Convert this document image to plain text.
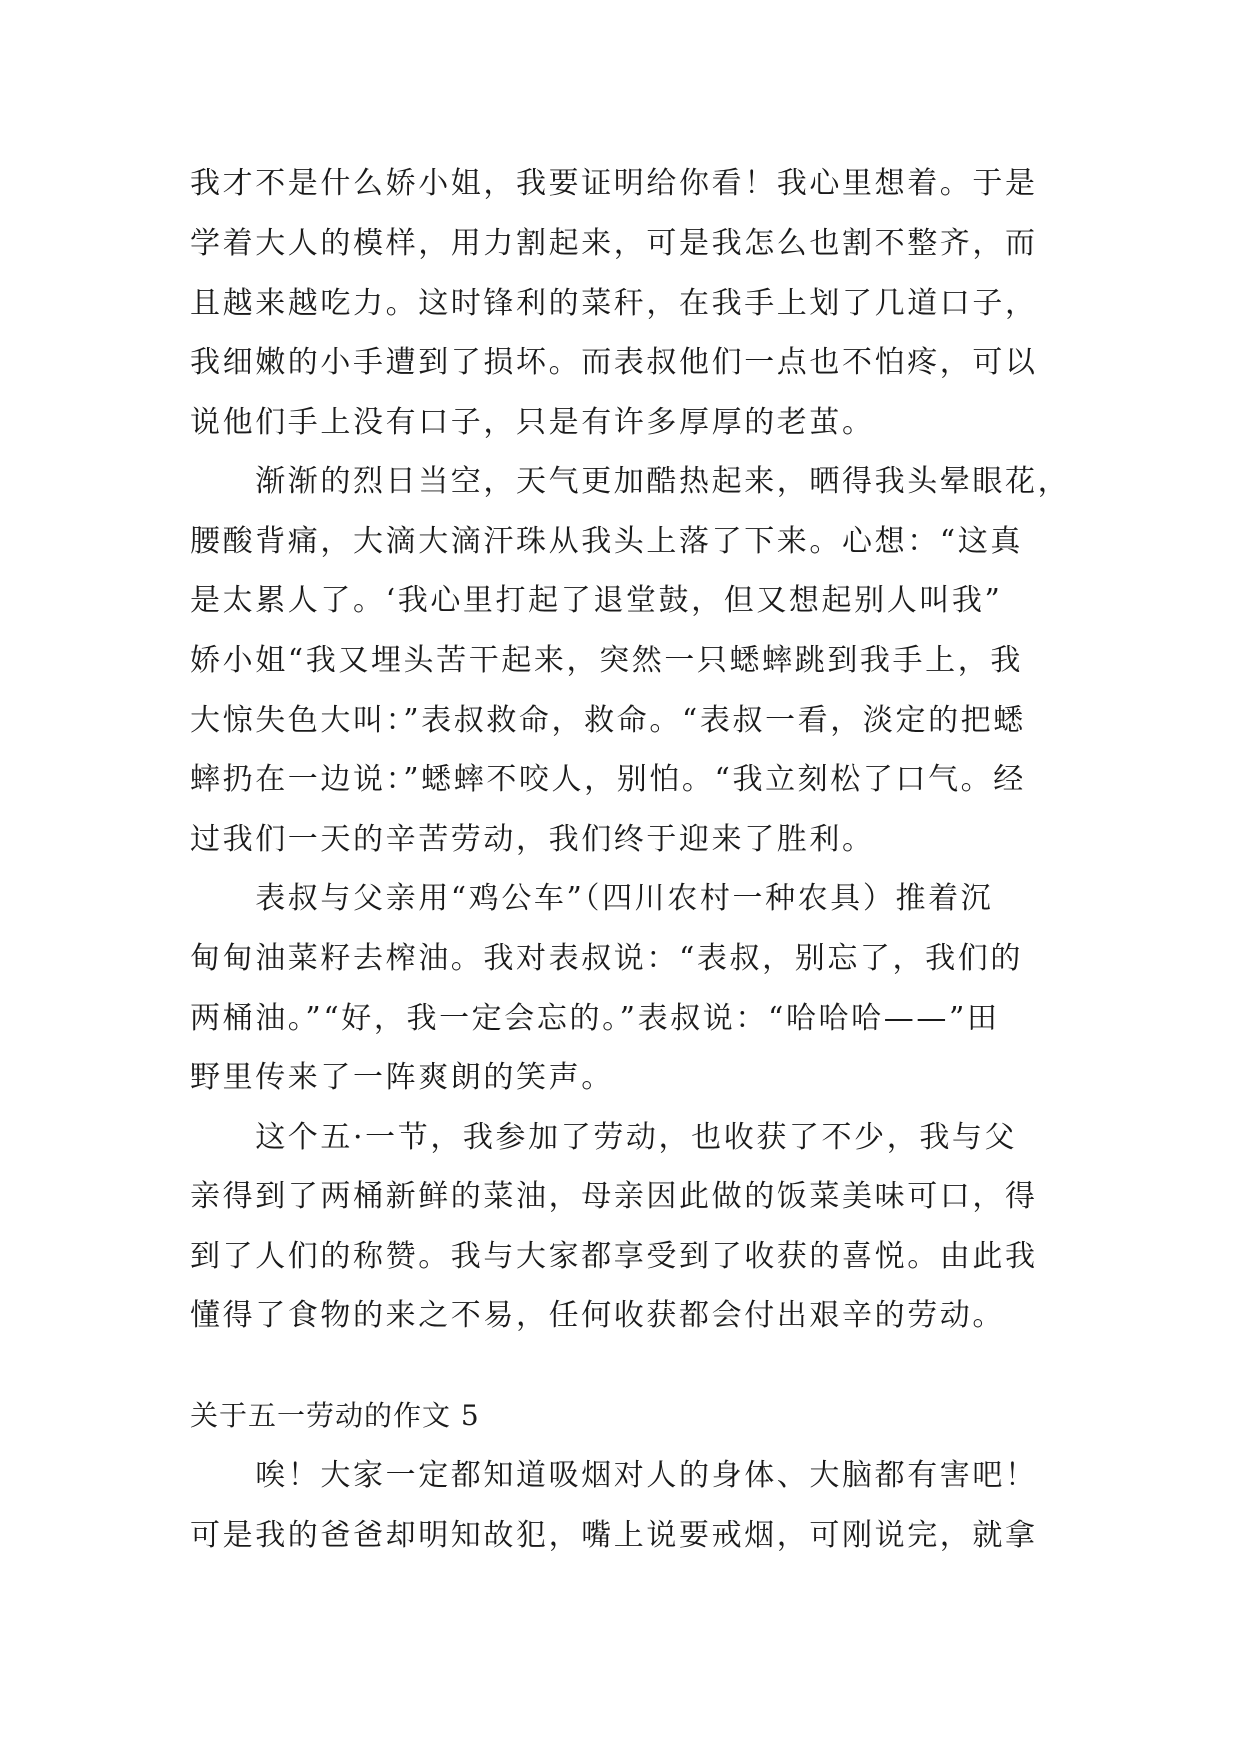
我才不是什么娇小姐，我要证明给你看！我心里想着。于是
学着大人的模样，用力割起来，可是我怎么也割不整齐，而
且越来越吃力。这时锋利的菜秆，在我手上划了几道口子，
我细嫩的小手遭到了损坏。而表叔他们一点也不怕疼，可以
说他们手上没有口子，只是有许多厚厚的老茧。
　　渐渐的烈日当空，天气更加酷热起来，晒得我头晕眼花，
腰酸背痛，大滴大滴汗珠从我头上落了下来。心想：“这真
是太累人了。‘我心里打起了退堂鼓，但又想起别人叫我”
娇小姐“我又埋头苦干起来，突然一只蟋蟀跳到我手上，我
大惊失色大叫：”表叔救命，救命。“表叔一看，淡定的把蟋
蟀扔在一边说：”蟋蟀不咬人，别怕。“我立刻松了口气。经
过我们一天的辛苦劳动，我们终于迎来了胜利。
　　表叔与父亲用“鸡公车”（四川农村一种农具）推着沉
甸甸油菜籽去榨油。我对表叔说：“表叔，别忘了，我们的
两桶油。”“好，我一定会忘的。”表叔说：“哈哈哈——”田
野里传来了一阵爽朗的笑声。
　　这个五·一节，我参加了劳动，也收获了不少，我与父
亲得到了两桶新鲜的菜油，母亲因此做的饭菜美味可口，得
到了人们的称赞。我与大家都享受到了收获的喜悦。由此我
懂得了食物的来之不易，任何收获都会付出艰辛的劳动。
关于五一劳动的作文 5
　　唉！大家一定都知道吸烟对人的身体、大脑都有害吧！
可是我的爸爸却明知故犯，嘴上说要戒烟，可刚说完，就拿
